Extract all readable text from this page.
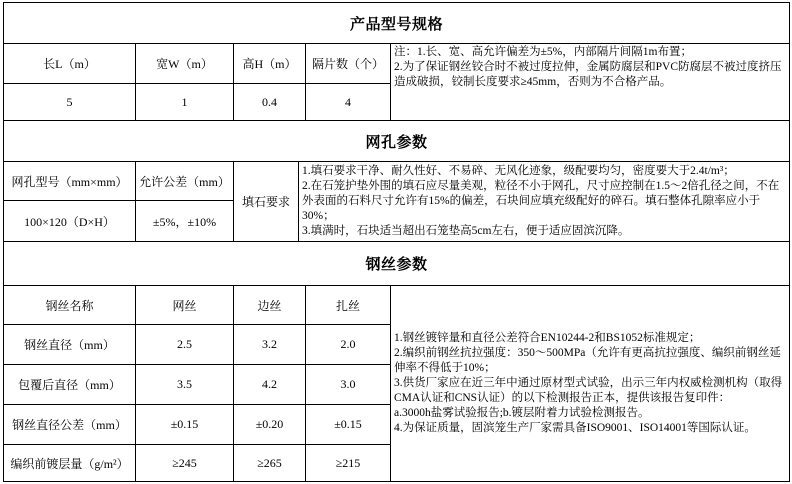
产品型号规格
长L（m）	宽W（m）	高H（m）	隔片数（个）
5	1	0.4	4
注：1.长、宽、高允许偏差为±5%，内部隔片间隔1m布置；
2.为了保证钢丝铰合时不被过度拉伸，金属防腐层和PVC防腐层不被过度挤压造成破损，铰制长度要求≥45mm，否则为不合格产品。
网孔参数
网孔型号（mm×mm） 允许公差（mm）
100×120（D×H）	±5%，±10%
填石要求
1.填石要求干净、耐久性好、不易碎、无风化迹象，级配要均匀，密度要大于2.4t/m³；
2.在石笼护垫外围的填石应尽量美观，粒径不小于网孔，尺寸应控制在1.5～2倍孔径之间，不在外表面的石料尺寸允许有15%的偏差，石块间应填充级配好的碎石。填石整体孔隙率应小于30%；
3.填满时，石块适当超出石笼垫高5cm左右，便于适应固滨沉降。
钢丝参数
钢丝名称	网丝	边丝	扎丝
钢丝直径（mm）	2.5	3.2	2.0
包覆后直径（mm）	3.5	4.2	3.0
钢丝直径公差（mm）	±0.15	±0.20	±0.15
编织前镀层量（g/m²）	≥245	≥265	≥215
1.钢丝镀锌量和直径公差符合EN10244-2和BS1052标准规定；
2.编织前钢丝抗拉强度：350～500MPa（允许有更高抗拉强度、编织前钢丝延伸率不得低于10%；
3.供货厂家应在近三年中通过原材型式试验，出示三年内权威检测机构（取得CMA认证和CNS认证）的以下检测报告正本，提供该报告复印件：
a.3000h盐雾试验报告;b.镀层附着力试验检测报告。
4.为保证质量，固滨笼生产厂家需具备ISO9001、ISO14001等国际认证。
